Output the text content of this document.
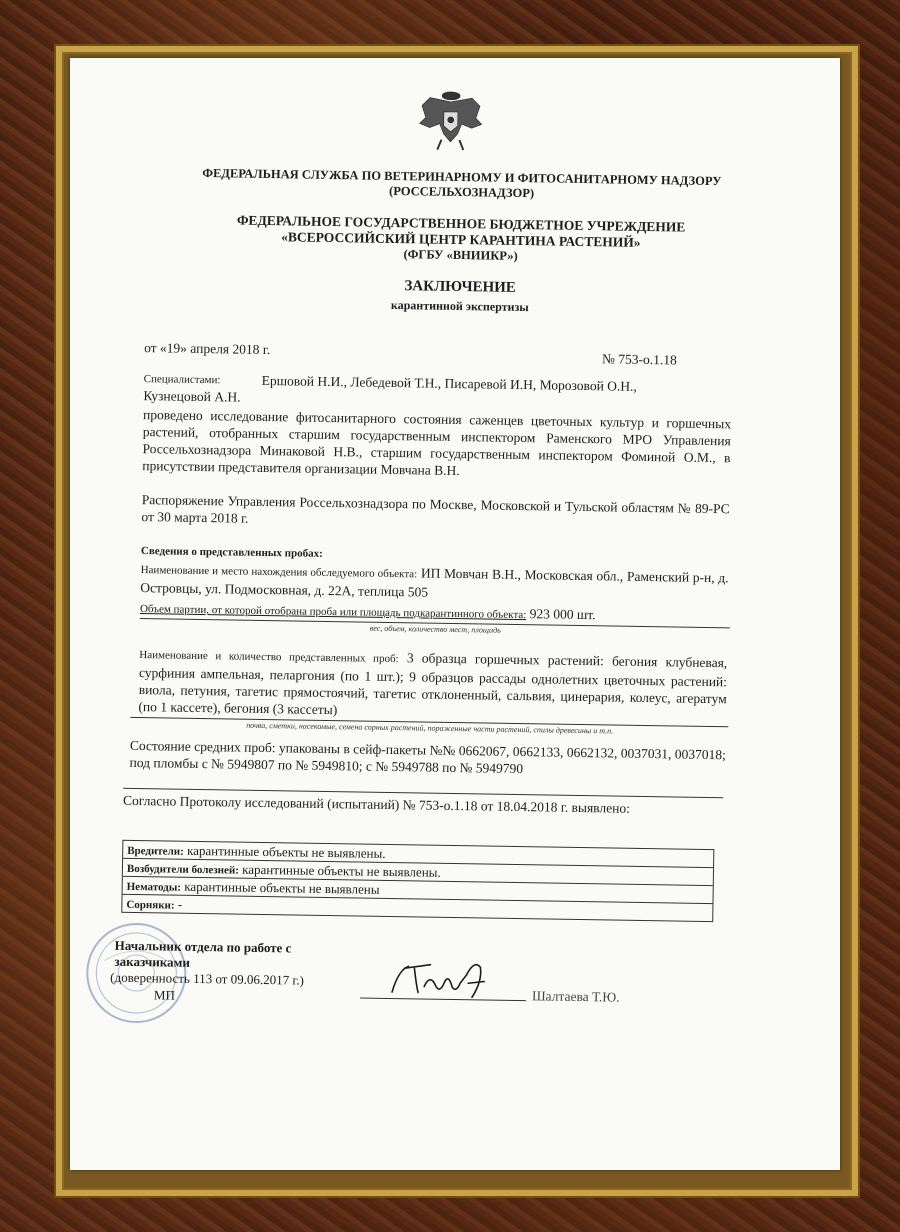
ФЕДЕРАЛЬНАЯ СЛУЖБА ПО ВЕТЕРИНАРНОМУ И ФИТОСАНИТАРНОМУ НАДЗОРУ

(РОССЕЛЬХОЗНАДЗОР)

ФЕДЕРАЛЬНОЕ ГОСУДАРСТВЕННОЕ БЮДЖЕТНОЕ УЧРЕЖДЕНИЕ

«ВСЕРОССИЙСКИЙ ЦЕНТР КАРАНТИНА РАСТЕНИЙ»

(ФГБУ «ВНИИКР»)

ЗАКЛЮЧЕНИЕ

карантинной экспертизы

от «19» апреля 2018 г.

№ 753-о.1.18

Специалистами:	Ершовой Н.И., Лебедевой Т.Н., Писаревой И.Н, Морозовой О.Н.,

Кузнецовой А.Н.

проведено исследование фитосанитарного состояния саженцев цветочных культур и горшечных растений, отобранных старшим государственным инспектором Раменского МРО Управления Россельхознадзора Минаковой Н.В., старшим государственным инспектором Фоминой О.М., в присутствии представителя организации Мовчана В.Н.

Распоряжение Управления Россельхознадзора по Москве, Московской и Тульской областям № 89-РС от 30 марта 2018 г.

Сведения о представленных пробах:

Наименование и место нахождения обследуемого объекта: ИП Мовчан В.Н., Московская обл., Раменский р-н, д. Островцы, ул. Подмосковная, д. 22А, теплица 505

Объем партии, от которой отобрана проба или площадь подкарантинного объекта: 923 000 шт.

вес, объем, количество мест, площадь

Наименование и количество представленных проб: 3 образца горшечных растений: бегония клубневая, сурфиния ампельная, пеларгония (по 1 шт.); 9 образцов рассады однолетних цветочных растений: виола, петуния, тагетис прямостоячий, тагетис отклоненный, сальвия, цинерария, колеус, агератум (по 1 кассете), бегония (3 кассеты)

почва, сметки, насекомые, семена сорных растений, пораженные части растений, спилы древесины и т.п.

Состояние средних проб: упакованы в сейф-пакеты №№ 0662067, 0662133, 0662132, 0037031, 0037018; под пломбы с № 5949807 по № 5949810; с № 5949788 по № 5949790

Согласно Протоколу исследований (испытаний) № 753-о.1.18 от 18.04.2018 г. выявлено:

Вредители: карантинные объекты не выявлены.
Возбудители болезней: карантинные объекты не выявлены.
Нематоды: карантинные объекты не выявлены
Сорняки: -

Начальник отдела по работе с

заказчиками

(доверенность 113 от 09.06.2017 г.)

МП	Шалтаева Т.Ю.
